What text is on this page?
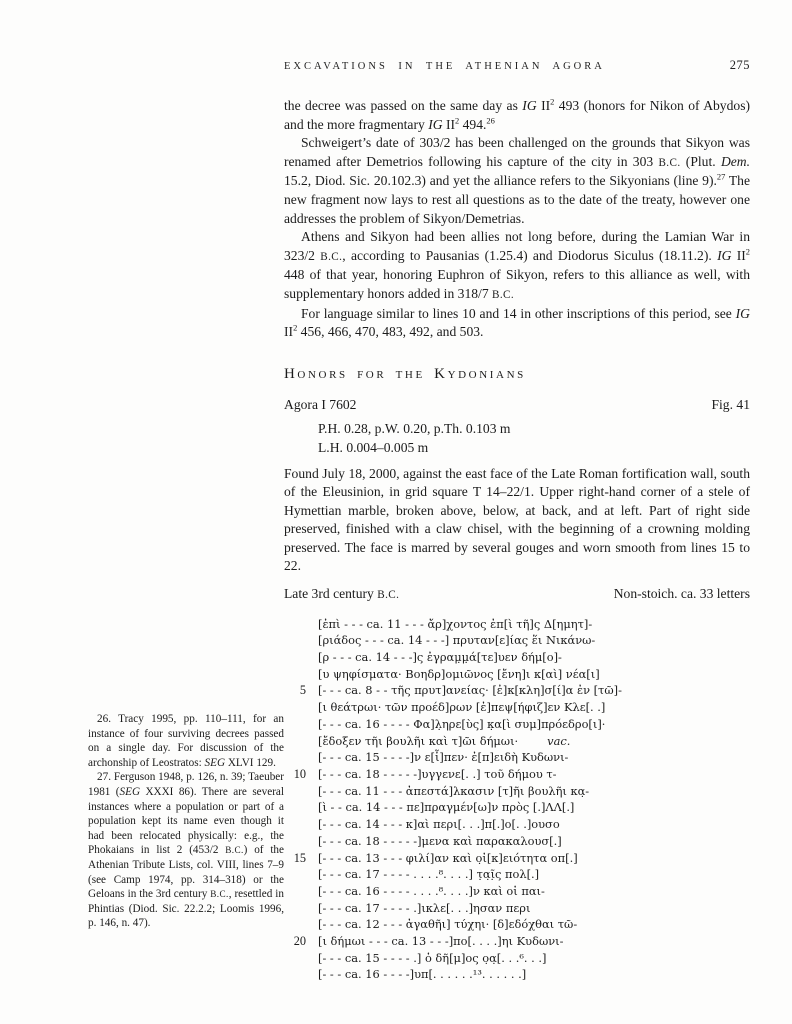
EXCAVATIONS IN THE ATHENIAN AGORA	275

the decree was passed on the same day as IG $II^2$ 493 (honors for Nikon of Abydos) and the more fragmentary IG $II^2$ 494.26

Schweigert’s date of 303/2 has been challenged on the grounds that Sikyon was renamed after Demetrios following his capture of the city in 303 B.C. (Plut. Dem. 15.2, Diod. Sic. 20.102.3) and yet the alliance refers to the Sikyonians (line 9).$^{27}$ The new fragment now lays to rest all questions as to the date of the treaty, however one addresses the problem of Sikyon/Demetrias.

Athens and Sikyon had been allies not long before, during the Lamian War in 323/2 B.C., according to Pausanias (1.25.4) and Diodorus Siculus (18.11.2). IG $II^2$ 448 of that year, honoring Euphron of Sikyon, refers to this alliance as well, with supplementary honors added in 318/7 B.C.

For language similar to lines 10 and 14 in other inscriptions of this period, see IG $II^2$ 456, 466, 470, 483, 492, and 503.

Honors for the Kydonians
Agora I 7602	Fig. 41
P.H. 0.28, p.W. 0.20, p.Th. 0.103 m
L.H. 0.004–0.005 m

Found July 18, 2000, against the east face of the Late Roman fortification wall, south of the Eleusinion, in grid square T 14–22/1. Upper right-hand corner of a stele of Hymettian marble, broken above, below, at back, and at left. Part of right side preserved, finished with a claw chisel, with the beginning of a crowning molding preserved. The face is marred by several gouges and worn smooth from lines 15 to 22.

Late 3rd century B.C.	Non-stoich. ca. 33 letters
[ἐπὶ - - - ca. 11 - - - ἄρ]χοντος ἐπ[ὶ τῆ]ς Δ[ημητ]-
[ριάδος - - - ca. 14 - - -] πρυταν[ε]ίας ἕι Νικάνω-
[ρ - - - ca. 14 - - -]ς ἐγραμ̣μ̣ά[τε]υεν δήμ[ο]-
[υ ψηφίσματα· Βοηδρ]ομιῶνος [ἔνη]ι κ[αὶ] νέα[ι]
5 [- - - ca. 8 - - τῆς πρυτ]ανείας· [ἐ]κ[κλη]σ[ί]α ἐν [τῶ]-
[ι θεάτρωι· τῶν προέδ]ρων [ἐ]πεψ[ήφιζ]εν Κλε[. .]
[- - - ca. 16 - - - - Φα]λ̣ηρε[ὺς] κ̣α[ὶ συμ]πρόεδρο[ι]·
[ἔδοξεν τῆι βουλῆι καὶ τ]ῶι δήμωι·        vac.
[- - - ca. 15 - - - -]ν ε[ἶ]πεν· ἐ[π]ειδὴ Κυδωνι-
10 [- - - ca. 18 - - - - -]υγγενε[. .] τοῦ δήμου τ-
[- - - ca. 11 - - - ἀπεστά]λκασιν [τ]ῆι βουλῆι κα̣-
[ὶ - - ca. 14 - - - πε]πραγμέν[ω]ν πρὸς [.]ΛΛ[.]
[- - - ca. 14 - - - κ]αὶ περι[. . .]π[.]ο[. .]ουσο
[- - - ca. 18 - - - - -]μενα καὶ παρακαλουσ[.]
15 [- - - ca. 13 - - - φιλί]αν καὶ ο̣ἰ[κ]ειότητα οπ[.]
[- - - ca. 17 - - - - . . . .⁸. . . .] τ̣α̣ῖ̣ς πολ[.]
[- - - ca. 16 - - - - . . . .⁸. . . .]ν καὶ οἱ παι-
[- - - ca. 17 - - - - .]ικλε[. . .]ησαν περι
[- - - ca. 12 - - - ἀγαθῆι] τύχηι· [δ]εδόχθαι τῶ-
20 [ι δήμωι - - - ca. 13 - - -]πο[. . . .]ηι Κυδωνι-
[- - - ca. 15 - - - - .] ὁ δῆ[μ]ος ο̣α̣[. . .⁶. . .]
[- - - ca. 16 - - - -]υπ[. . . . . .¹³. . . . . .]

26. Tracy 1995, pp. 110–111, for an instance of four surviving decrees passed on a single day. For discussion of the archonship of Leostratos: SEG XLVI 129.

27. Ferguson 1948, p. 126, n. 39; Taeuber 1981 (SEG XXXI 86). There are several instances where a population or part of a population kept its name even though it had been relocated physically: e.g., the Phokaians in list 2 (453/2 B.C.) of the Athenian Tribute Lists, col. VIII, lines 7–9 (see Camp 1974, pp. 314–318) or the Geloans in the 3rd century B.C., resettled in Phintias (Diod. Sic. 22.2.2; Loomis 1996, p. 146, n. 47).
